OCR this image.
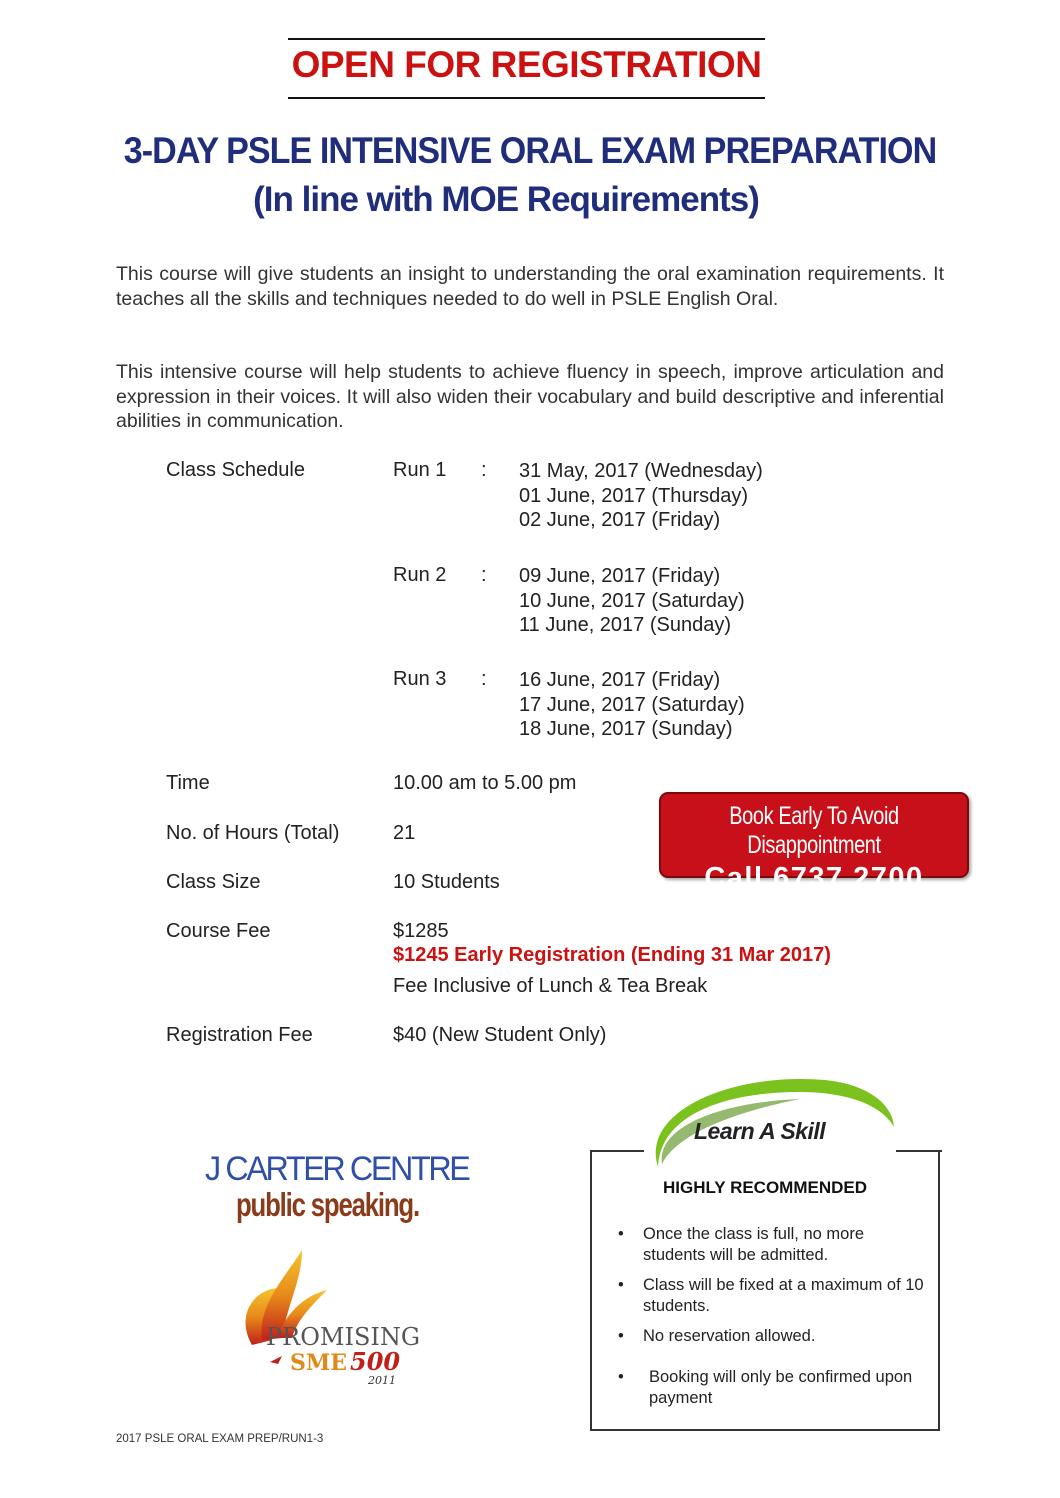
OPEN FOR REGISTRATION
3-DAY PSLE INTENSIVE ORAL EXAM PREPARATION
(In line with MOE Requirements)
This course will give students an insight to understanding the oral examination requirements. It teaches all the skills and techniques needed to do well in PSLE English Oral.
This intensive course will help students to achieve fluency in speech, improve articulation and expression in their voices. It will also widen their vocabulary and build descriptive and inferential abilities in communication.
Class Schedule	Run 1 : 31 May, 2017 (Wednesday)
01 June, 2017 (Thursday)
02 June, 2017 (Friday)
Run 2 : 09 June, 2017 (Friday)
10 June, 2017 (Saturday)
11 June, 2017 (Sunday)
Run 3 : 16 June, 2017 (Friday)
17 June, 2017 (Saturday)
18 June, 2017 (Sunday)
Time	10.00 am to 5.00 pm
No. of Hours (Total)	21
Class Size	10 Students
Course Fee	$1285
$1245 Early Registration (Ending 31 Mar 2017)
Fee Inclusive of Lunch & Tea Break
Registration Fee	$40 (New Student Only)
Book Early To Avoid Disappointment
Call 6737 2700
Learn A Skill
HIGHLY RECOMMENDED
• Once the class is full, no more students will be admitted.
• Class will be fixed at a maximum of 10 students.
• No reservation allowed.
• Booking will only be confirmed upon payment
J CARTER CENTRE
public speaking.
PROMISING
SME 500
2011
2017 PSLE ORAL EXAM PREP/RUN1-3
